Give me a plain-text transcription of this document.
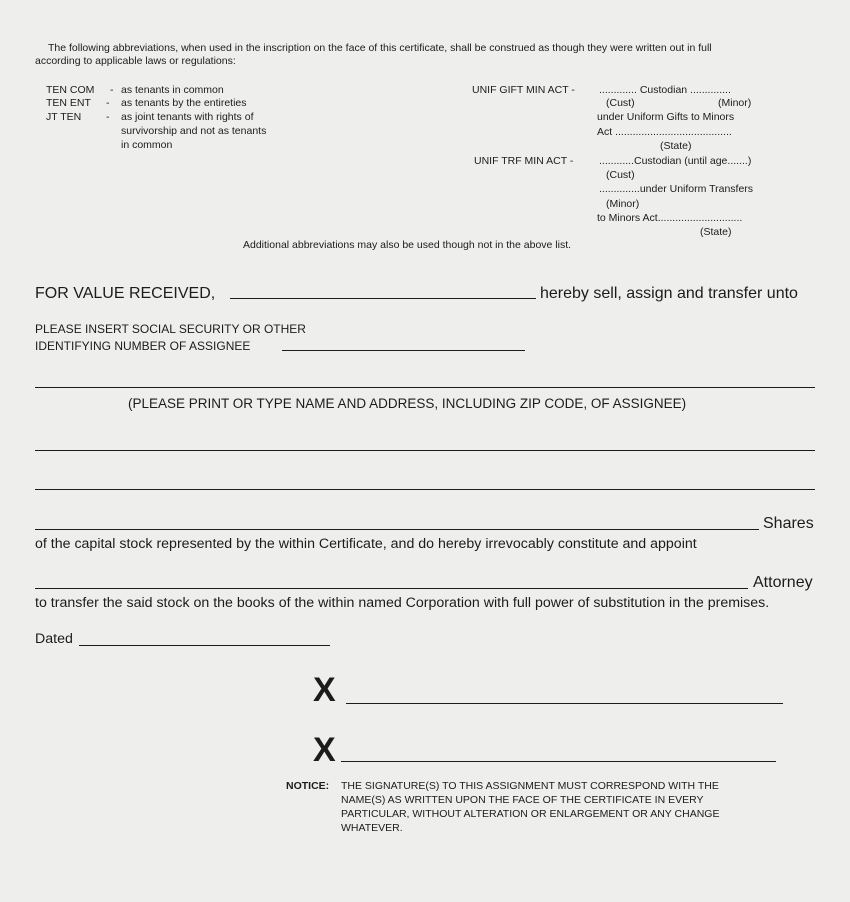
The following abbreviations, when used in the inscription on the face of this certificate, shall be construed as though they were written out in full
according to applicable laws or regulations:
TEN COM - as tenants in common
TEN ENT - as tenants by the entireties
JT TEN - as joint tenants with rights of
survivorship and not as tenants
in common
UNIF GIFT MIN ACT - ............. Custodian ..............
(Cust)	(Minor)
under Uniform Gifts to Minors
Act ........................................
(State)
UNIF TRF MIN ACT - ............Custodian (until age.......)
(Cust)
..............under Uniform Transfers
(Minor)
to Minors Act.............................
(State)
Additional abbreviations may also be used though not in the above list.
FOR VALUE RECEIVED,	hereby sell, assign and transfer unto
PLEASE INSERT SOCIAL SECURITY OR OTHER
IDENTIFYING NUMBER OF ASSIGNEE
(PLEASE PRINT OR TYPE NAME AND ADDRESS, INCLUDING ZIP CODE, OF ASSIGNEE)
Shares
of the capital stock represented by the within Certificate, and do hereby irrevocably constitute and appoint
Attorney
to transfer the said stock on the books of the within named Corporation with full power of substitution in the premises.
Dated
X
X
NOTICE: THE SIGNATURE(S) TO THIS ASSIGNMENT MUST CORRESPOND WITH THE
NAME(S) AS WRITTEN UPON THE FACE OF THE CERTIFICATE IN EVERY
PARTICULAR, WITHOUT ALTERATION OR ENLARGEMENT OR ANY CHANGE
WHATEVER.
